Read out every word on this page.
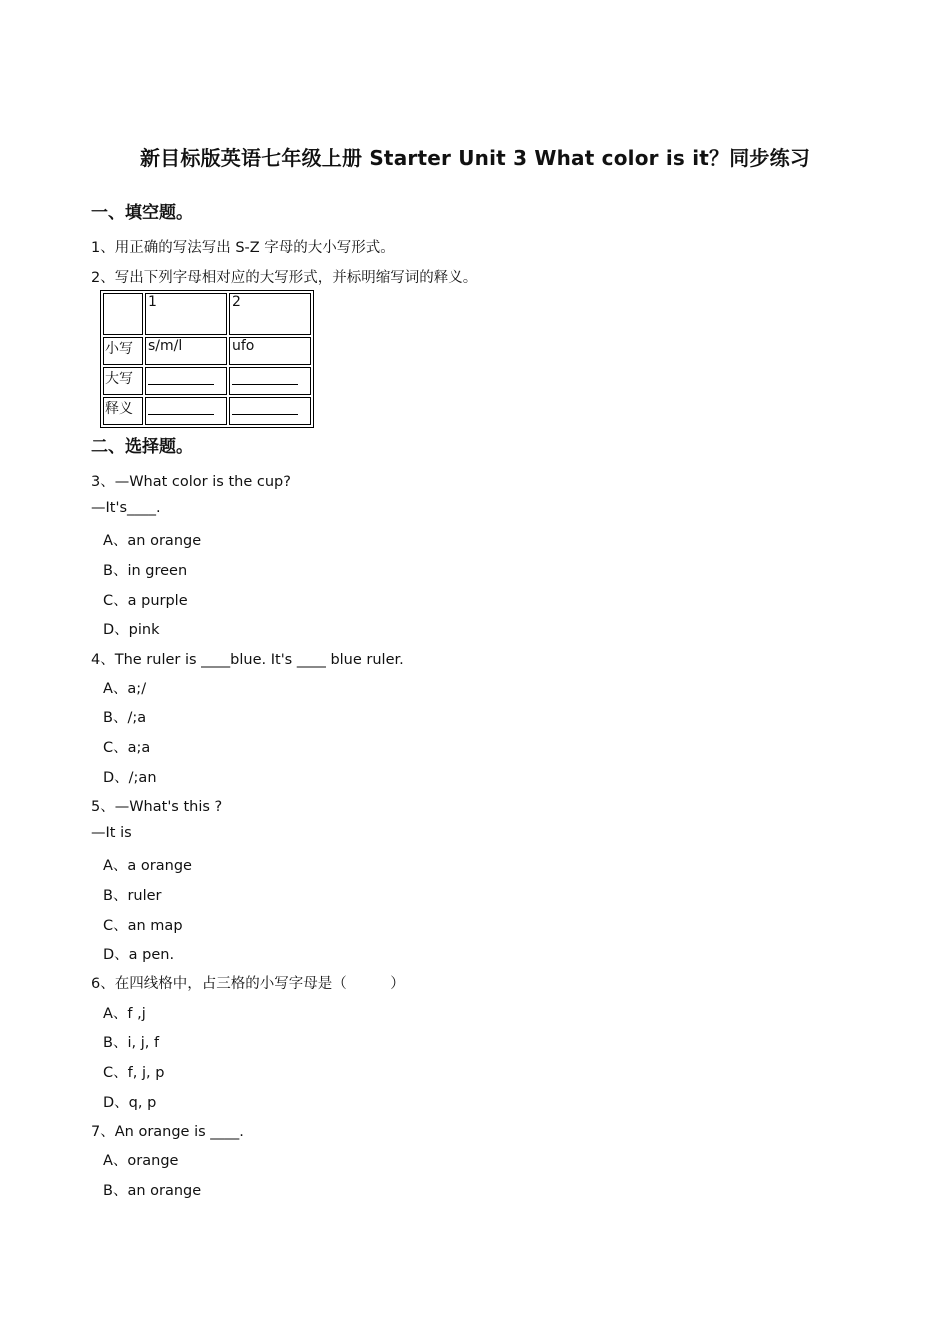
新目标版英语七年级上册 Starter Unit 3 What color is it？同步练习
一、填空题。
1、用正确的写法写出 S-Z 字母的大小写形式。
2、写出下列字母相对应的大写形式，并标明缩写词的释义。
	1	2
小写	s/m/l	ufo
大写		
释义		
二、选择题。
3、—What color is the cup?
—It's____.
A、an orange
B、in green
C、a purple
D、pink
4、The ruler is ____blue. It's ____ blue ruler.
A、a;/
B、/;a
C、a;a
D、/;an
5、—What's this ?
—It is
A、a orange
B、ruler
C、an map
D、a pen.
6、在四线格中，占三格的小写字母是（　　　）
A、f ,j
B、i, j, f
C、f, j, p
D、q, p
7、An orange is ____.
A、orange
B、an orange
